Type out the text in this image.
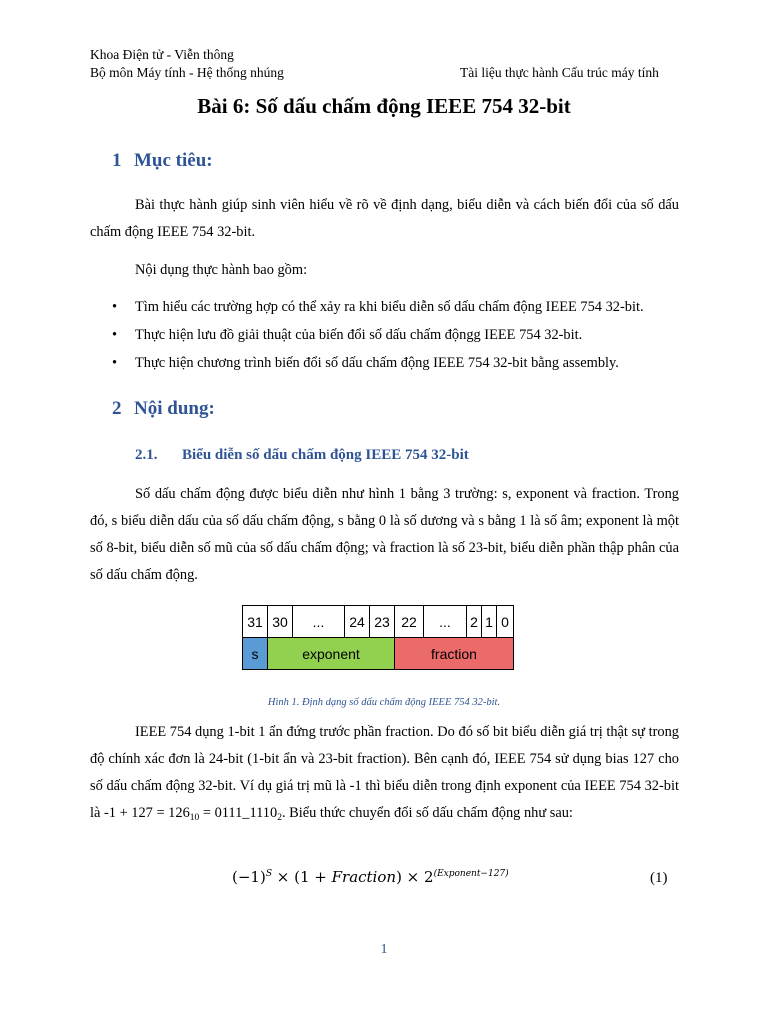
Khoa Điện tử - Viễn thông
Bộ môn Máy tính - Hệ thống nhúng	Tài liệu thực hành Cấu trúc máy tính
Bài 6: Số dấu chấm động IEEE 754 32-bit
1 Mục tiêu:
Bài thực hành giúp sinh viên hiểu về rõ về định dạng, biểu diễn và cách biến đổi của số dấu chấm động IEEE 754 32-bit.
Nội dụng thực hành bao gồm:
• Tìm hiểu các trường hợp có thể xảy ra khi biểu diễn số dấu chấm động IEEE 754 32-bit.
• Thực hiện lưu đồ giải thuật của biến đổi số dấu chấm độngg IEEE 754 32-bit.
• Thực hiện chương trình biến đổi số dấu chấm động IEEE 754 32-bit bằng assembly.
2 Nội dung:
2.1. Biểu diễn số dấu chấm động IEEE 754 32-bit
Số dấu chấm động được biểu diễn như hình 1 bằng 3 trường: s, exponent và fraction. Trong đó, s biểu diễn dấu của số dấu chấm động, s bằng 0 là số dương và s bằng 1 là số âm; exponent là một số 8-bit, biểu diễn số mũ của số dấu chấm động; và fraction là số 23-bit, biểu diễn phần thập phân của số dấu chấm động.
31	30	...	24	23	22	...	2	1	0
s	exponent				fraction				
Hình 1. Định dạng số dấu chấm động IEEE 754 32-bit.
IEEE 754 dụng 1-bit 1 ẩn đứng trước phần fraction. Do đó số bit biểu diễn giá trị thật sự trong độ chính xác đơn là 24-bit (1-bit ẩn và 23-bit fraction). Bên cạnh đó, IEEE 754 sử dụng bias 127 cho số dấu chấm động 32-bit. Ví dụ giá trị mũ là -1 thì biểu diễn trong định exponent của IEEE 754 32-bit là $-1 + 127 = 126_{10}$ = $0111\_1110_2$. Biểu thức chuyển đổi số dấu chấm động như sau:
$(-1)^S \times (1$ + Fraction) × $2^{(Exponent-127)}$	(1)
1
